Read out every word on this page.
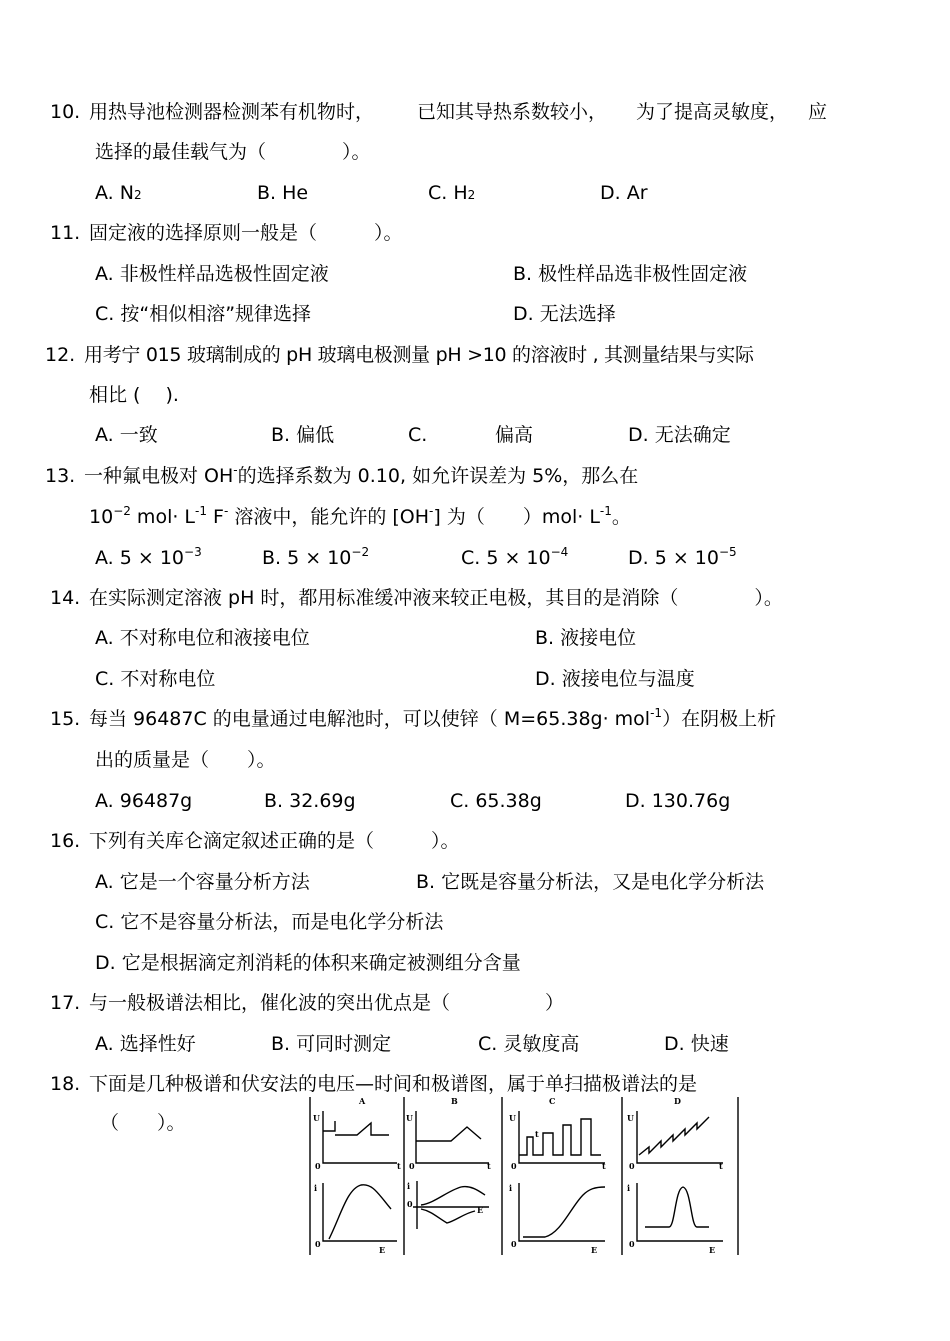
10. 用热导池检测器检测苯有机物时， 已知其导热系数较小， 为了提高灵敏度， 应
选择的最佳载气为（　　　　）。
A. N2	B. He	C. H2	D. Ar
11. 固定液的选择原则一般是（　　　）。
A. 非极性样品选极性固定液	B. 极性样品选非极性固定液
C. 按“相似相溶”规律选择	D. 无法选择
12. 用考宁 015 玻璃制成的 pH 玻璃电极测量 pH >10 的溶液时 , 其测量结果与实际
相比 (　 ).
A. 一致	B. 偏低	C.	偏高	D. 无法确定
13. 一种氟电极对 OH-的选择系数为 0.10, 如允许误差为 5%，那么在
$10^{-2}$ $mol\cdot L^{-1}$ F- 溶液中，能允许的 [OH-] 为（　　）$mol\cdot L^{-1}$。
A. $5 \times 10^{-3}$	B. $5 \times 10^{-2}$	C. $5 \times 10^{-4}$	D. $5 \times 10^{-5}$
14. 在实际测定溶液 pH 时，都用标准缓冲液来较正电极，其目的是消除（　　　　）。
A. 不对称电位和液接电位	B. 液接电位
C. 不对称电位	D. 液接电位与温度
15. 每当 96487C 的电量通过电解池时，可以使锌（ M=65.38g· mol$^{-1}$）在阴极上析
出的质量是（　　）。
A. 96487g	B. 32.69g	C. 65.38g	D. 130.76g
16. 下列有关库仑滴定叙述正确的是（　　　）。
A. 它是一个容量分析方法	B. 它既是容量分析法，又是电化学分析法
C. 它不是容量分析法，而是电化学分析法
D. 它是根据滴定剂消耗的体积来确定被测组分含量
17. 与一般极谱法相比，催化波的突出优点是（　　　　　）
A. 选择性好	B. 可同时测定	C. 灵敏度高	D. 快速
18. 下面是几种极谱和伏安法的电压—时间和极谱图，属于单扫描极谱法的是
（　　）。
A	B	C	D
U
0	t
U
0	t
U
0
t
t
U
0	t
i
0
E
i
0
E
i
0
E
i
0
E
